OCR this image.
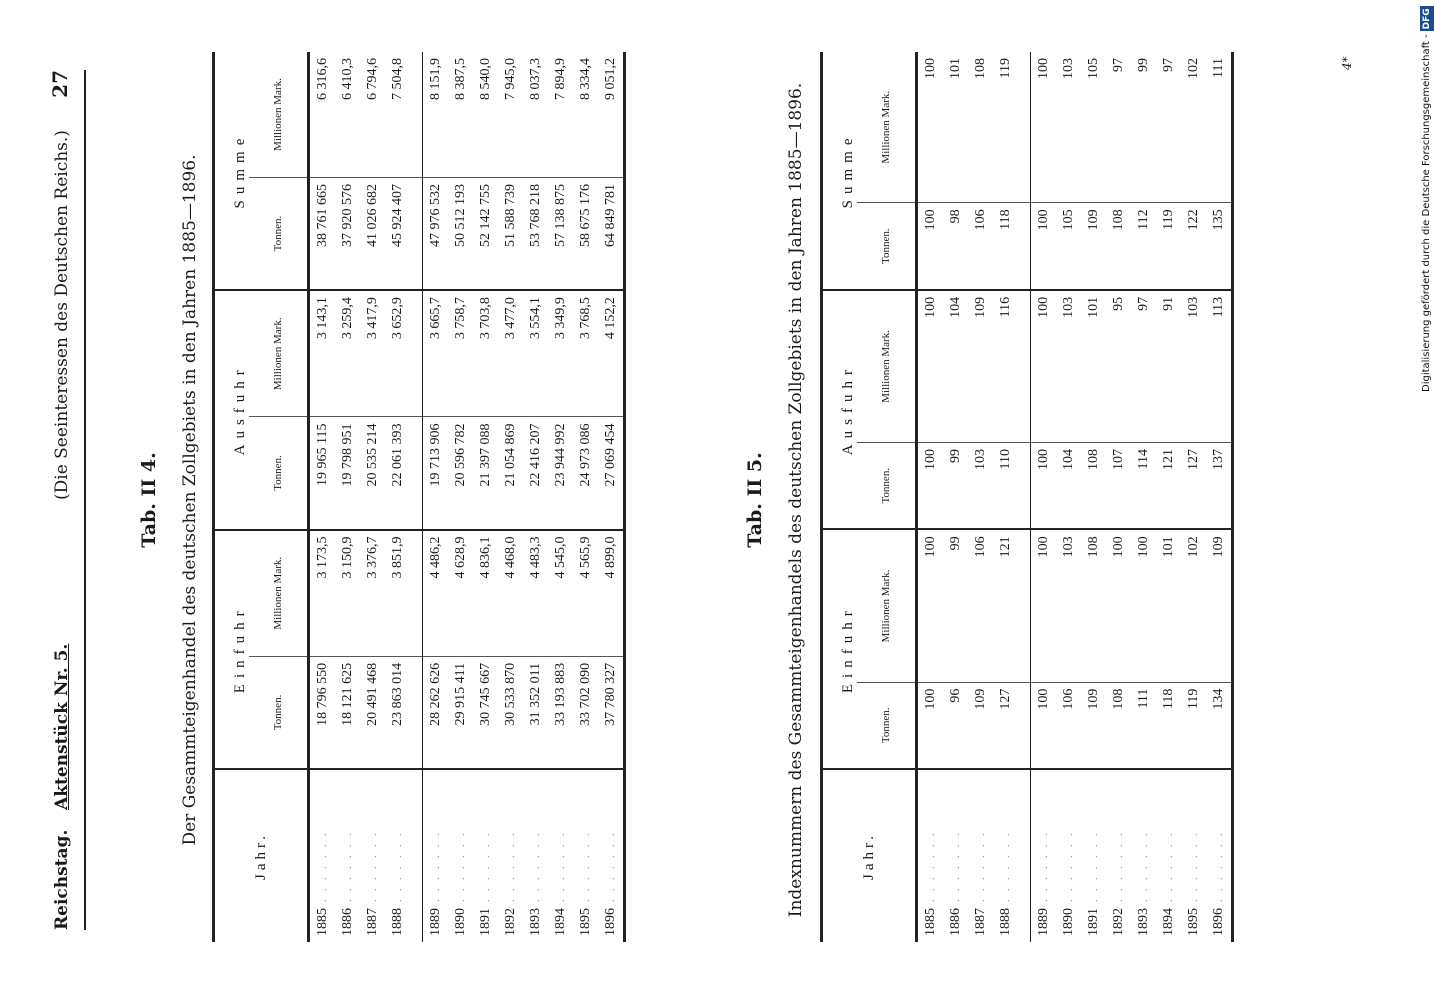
Reichstag.
Aktenstück Nr. 5.
(Die Seeinteressen des Deutschen Reichs.)
27
Tab. II 4. Der Gesammteigenhandel des deutschen Zollgebiets in den Jahren 1885—1896.
Jahr.	Einfuhr		Ausfuhr		Summe	
	Tonnen.	Millionen Mark.	Tonnen.	Millionen Mark.	Tonnen.	Millionen Mark.
1885. . . . . . .	18 796 550	3 173,5	19 965 115	3 143,1	38 761 665	6 316,6
1886. . . . . . .	18 121 625	3 150,9	19 798 951	3 259,4	37 920 576	6 410,3
1887. . . . . . .	20 491 468	3 376,7	20 535 214	3 417,9	41 026 682	6 794,6
1888. . . . . . .	23 863 014	3 851,9	22 061 393	3 652,9	45 924 407	7 504,8

1889. . . . . . .	28 262 626	4 486,2	19 713 906	3 665,7	47 976 532	8 151,9
1890. . . . . . .	29 915 411	4 628,9	20 596 782	3 758,7	50 512 193	8 387,5
1891. . . . . . .	30 745 667	4 836,1	21 397 088	3 703,8	52 142 755	8 540,0
1892. . . . . . .	30 533 870	4 468,0	21 054 869	3 477,0	51 588 739	7 945,0
1893. . . . . . .	31 352 011	4 483,3	22 416 207	3 554,1	53 768 218	8 037,3
1894. . . . . . .	33 193 883	4 545,0	23 944 992	3 349,9	57 138 875	7 894,9
1895. . . . . . .	33 702 090	4 565,9	24 973 086	3 768,5	58 675 176	8 334,4
1896. . . . . . .	37 780 327	4 899,0	27 069 454	4 152,2	64 849 781	9 051,2
Tab. II 5. Indexnummern des Gesammteigenhandels des deutschen Zollgebiets in den Jahren 1885—1896.	Jahr.	Einfuhr		Ausfuhr		Summe	
	Tonnen.	Millionen Mark.	Tonnen.	Millionen Mark.	Tonnen.	Millionen Mark.
1885. . . . . . .	100	100	100	100	100	100
1886. . . . . . .	96	99	99	104	98	101
1887. . . . . . .	109	106	103	109	106	108
1888. . . . . . .	127	121	110	116	118	119

1889. . . . . . .	100	100	100	100	100	100
1890. . . . . . .	106	103	104	103	105	103
1891. . . . . . .	109	108	108	101	109	105
1892. . . . . . .	108	100	107	95	108	97
1893. . . . . . .	111	100	114	97	112	99
1894. . . . . . .	118	101	121	91	119	97
1895. . . . . . .	119	102	127	103	122	102
1896. . . . . . .	134	109	137	113	135	111	4*	Digitalisierung gefördert durch die Deutsche Forschungsgemeinschaft -DFG
